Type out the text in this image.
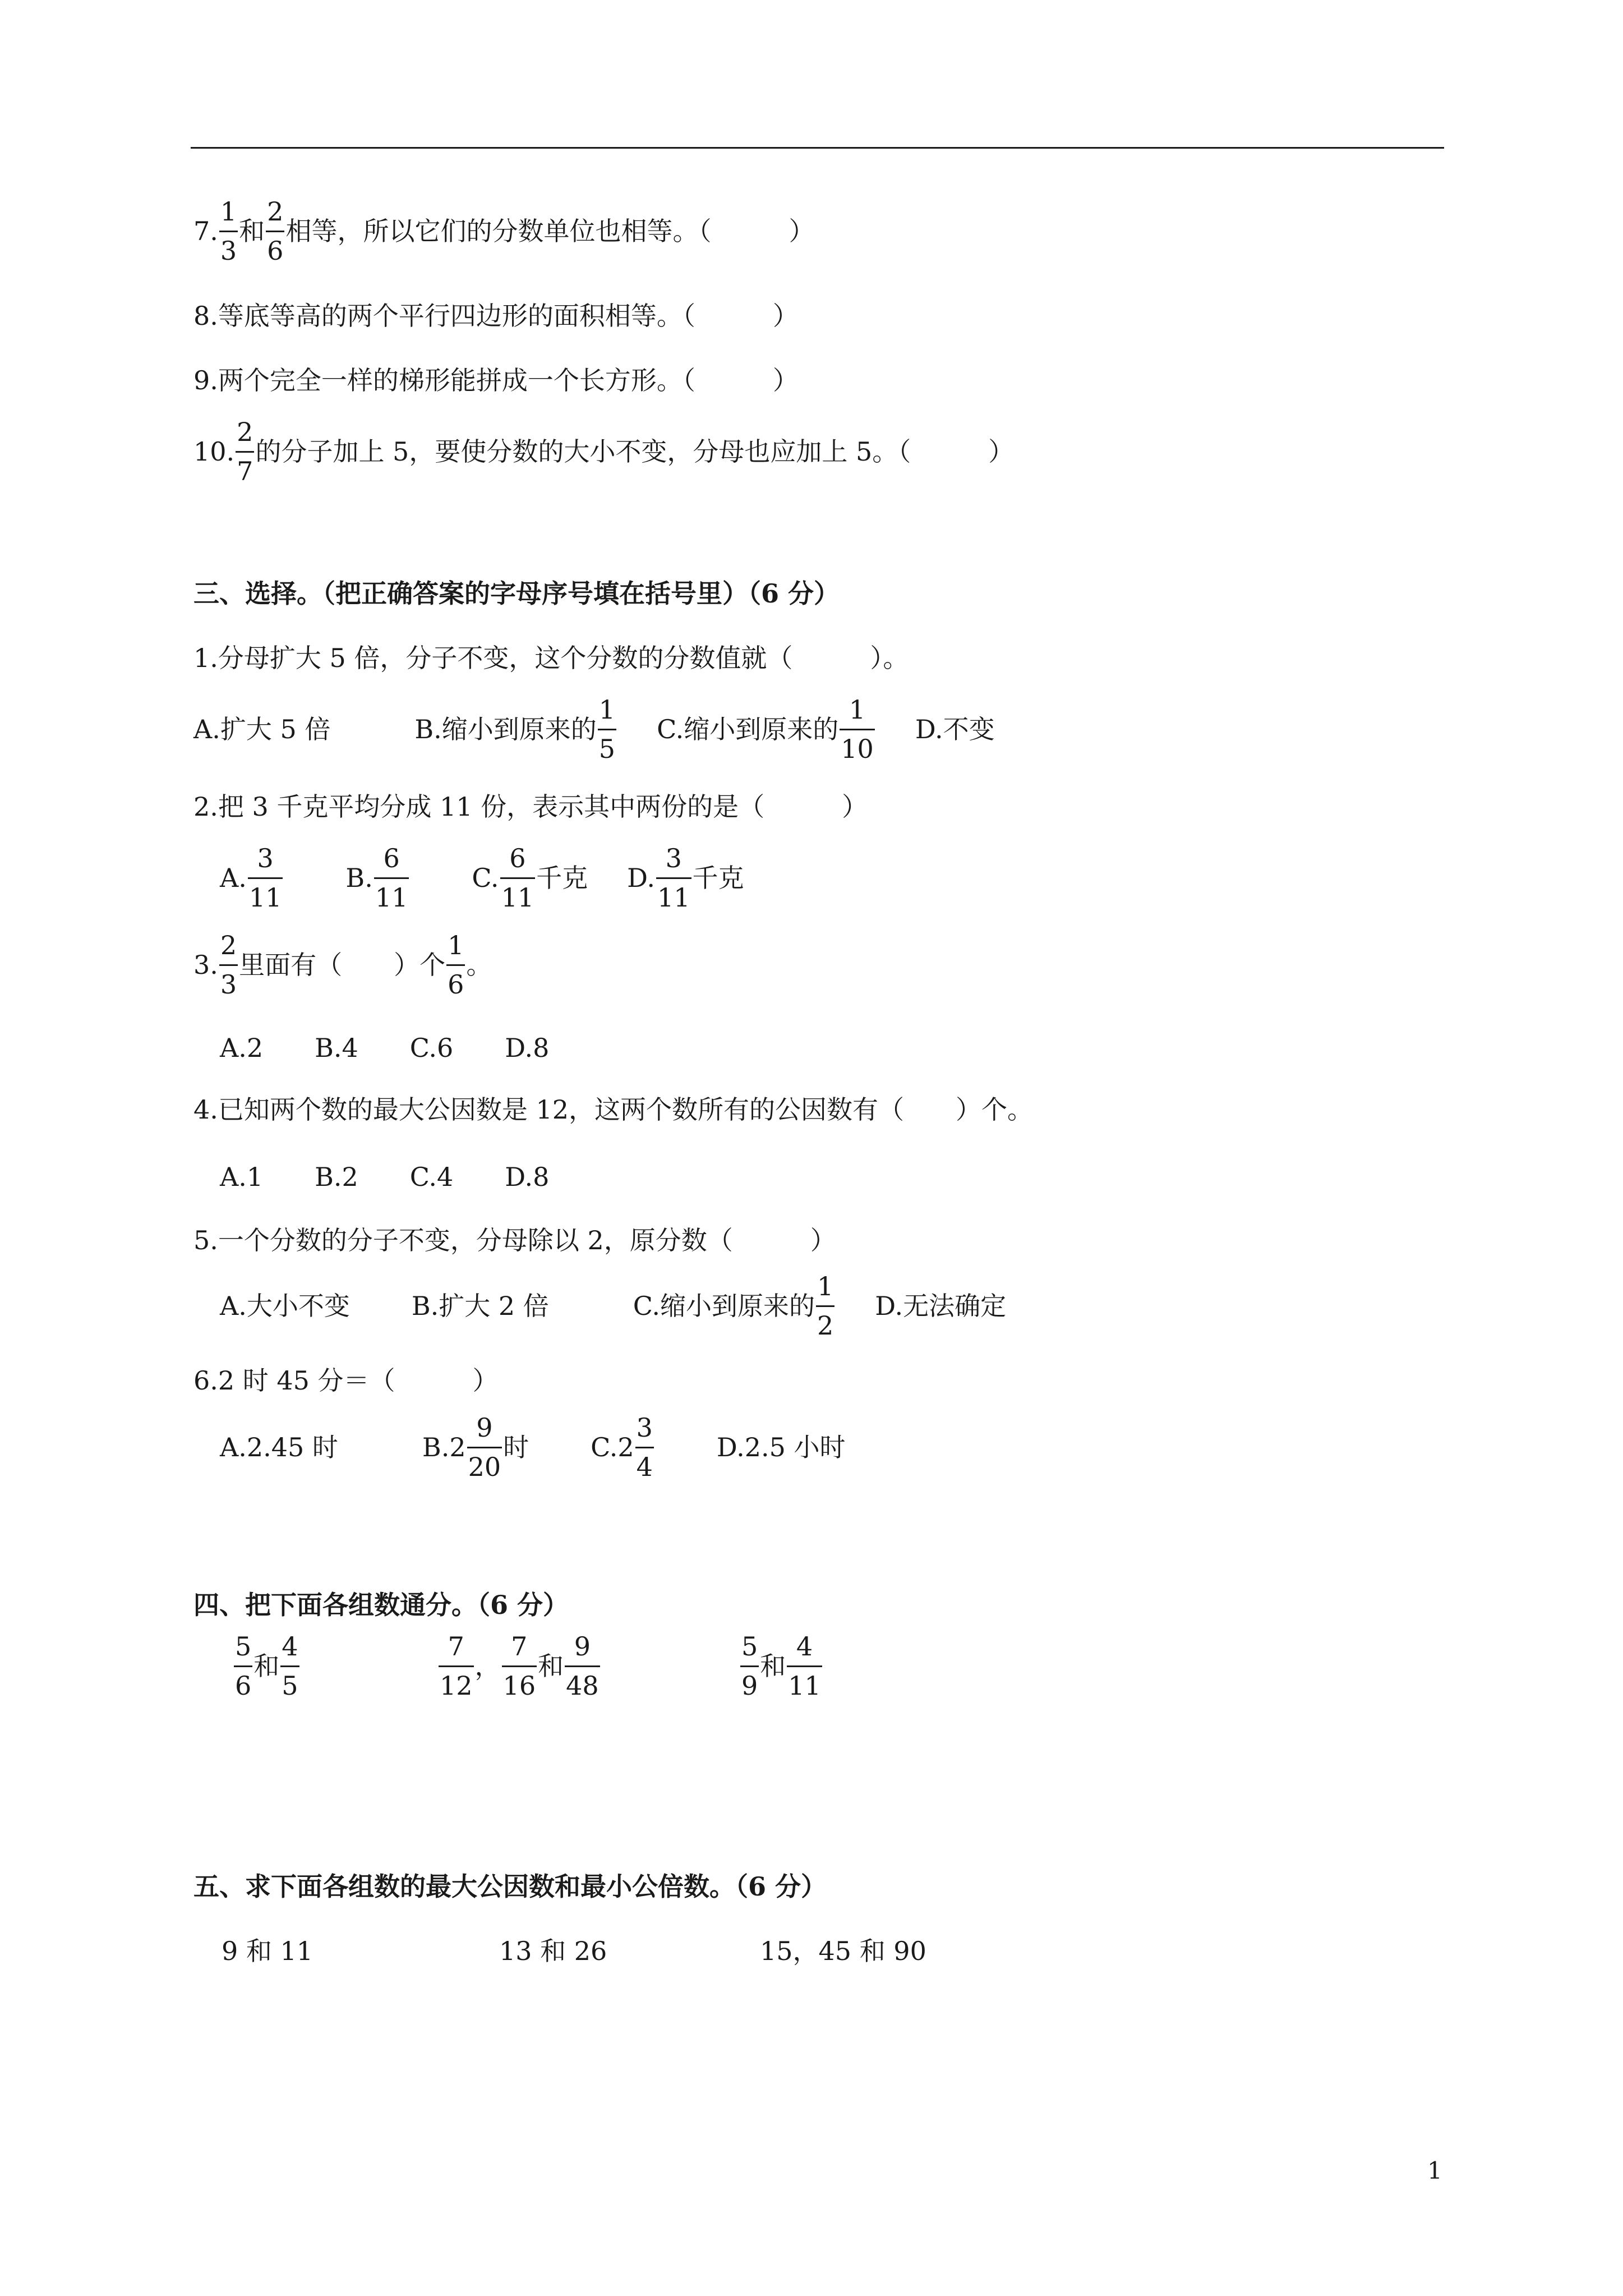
7. $\frac{1}{3}$ 和 $\frac{2}{6}$ 相等，所以它们的分数单位也相等。（　　　）
8.等底等高的两个平行四边形的面积相等。（　　　）
9.两个完全一样的梯形能拼成一个长方形。（　　　）
10. $\frac{2}{7}$ 的分子加上 5，要使分数的大小不变，分母也应加上 5。（　　　）
三、选择。（把正确答案的字母序号填在括号里）（6 分）
1.分母扩大 5 倍，分子不变，这个分数的分数值就（　　　）。
A.扩大 5 倍	B.缩小到原来的 $\frac{1}{5} C$.缩小到原来的 $\frac{1}{10} D$.不变
2.把 3 千克平均分成 11 份，表示其中两份的是（　　　）
A. $\frac{3}{11} B$. $\frac{6}{11} C$. $\frac{6}{11}$ 千克 D. $\frac{3}{11}$ 千克
3. $\frac{2}{3}$ 里面有（　　）个 $\frac{1}{6}$ 。
A.2　　B.4　　C.6　　D.8
4.已知两个数的最大公因数是 12，这两个数所有的公因数有（　　）个。
A.1　　B.2　　C.4　　D.8
5.一个分数的分子不变，分母除以 2，原分数（　　　）
A.大小不变 B.扩大 2 倍	C.缩小到原来的 $\frac{1}{2} D$.无法确定
6.2 时 45 分＝（　　　）
A.2.45 时	$B.2 \frac{9}{20}$ 时 $C.2 \frac{3}{4} D.2.5$ 小时
四、把下面各组数通分。（6 分）
$\frac{5}{6}$ 和 $\frac{4}{5}$	$\frac{7}{12}$ ， $\frac{7}{16}$ 和 $\frac{9}{48}$	$\frac{5}{9}$ 和 $\frac{4}{11}$
五、求下面各组数的最大公因数和最小公倍数。（6 分）
9 和 11	13 和 26	15，45 和 90
1
